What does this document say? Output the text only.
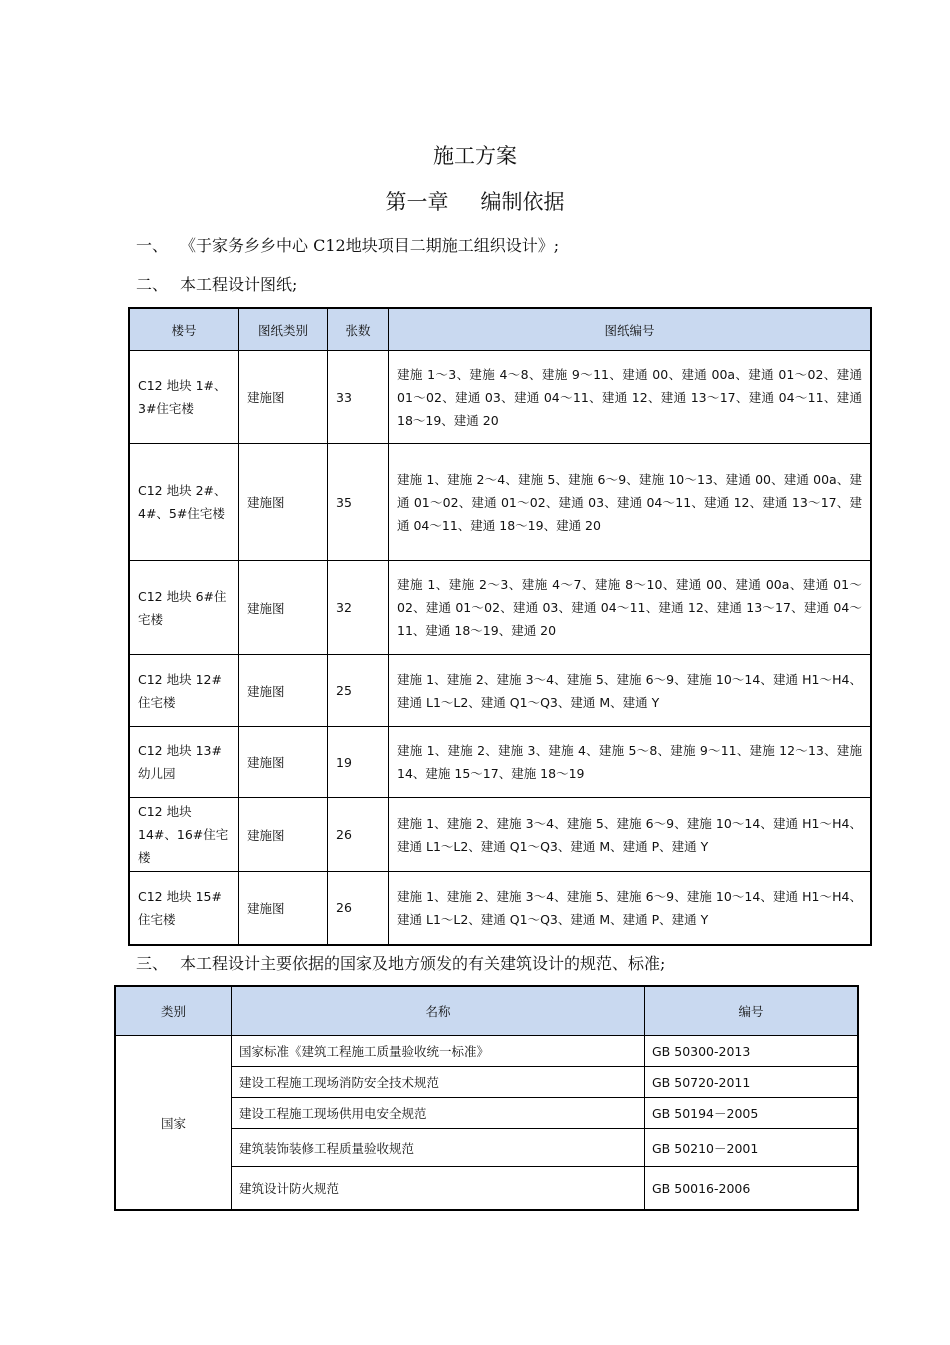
施工方案
第一章 编制依据
一、 《于家务乡乡中心 C12地块项目二期施工组织设计》;
二、 本工程设计图纸;
楼号	图纸类别	张数	图纸编号
C12 地块 1#、3#住宅楼	建施图	33	建施 1～3、建施 4～8、建施 9～11、建通 00、建通 00a、建通 01～02、建通 01～02、建通 03、建通 04～11、建通 12、建通 13～17、建通 04～11、建通 18～19、建通 20
C12 地块 2#、4#、5#住宅楼	建施图	35	建施 1、建施 2～4、建施 5、建施 6～9、建施 10～13、建通 00、建通 00a、建通 01～02、建通 01～02、建通 03、建通 04～11、建通 12、建通 13～17、建通 04～11、建通 18～19、建通 20
C12 地块 6#住宅楼	建施图	32	建施 1、建施 2～3、建施 4～7、建施 8～10、建通 00、建通 00a、建通 01～02、建通 01～02、建通 03、建通 04～11、建通 12、建通 13～17、建通 04～11、建通 18～19、建通 20
C12 地块 12#住宅楼	建施图	25	建施 1、建施 2、建施 3～4、建施 5、建施 6～9、建施 10～14、建通 H1～H4、建通 L1～L2、建通 Q1～Q3、建通 M、建通 Y
C12 地块 13#幼儿园	建施图	19	建施 1、建施 2、建施 3、建施 4、建施 5～8、建施 9～11、建施 12～13、建施 14、建施 15～17、建施 18～19
C12 地块 14#、16#住宅楼	建施图	26	建施 1、建施 2、建施 3～4、建施 5、建施 6～9、建施 10～14、建通 H1～H4、建通 L1～L2、建通 Q1～Q3、建通 M、建通 P、建通 Y
C12 地块 15#住宅楼	建施图	26	建施 1、建施 2、建施 3～4、建施 5、建施 6～9、建施 10～14、建通 H1～H4、建通 L1～L2、建通 Q1～Q3、建通 M、建通 P、建通 Y
三、 本工程设计主要依据的国家及地方颁发的有关建筑设计的规范、标准;
类别	名称	编号
国家	国家标准《建筑工程施工质量验收统一标准》	GB 50300-2013
	建设工程施工现场消防安全技术规范	GB 50720-2011
	建设工程施工现场供用电安全规范	GB 50194－2005
	建筑装饰装修工程质量验收规范	GB 50210－2001
	建筑设计防火规范	GB 50016-2006
